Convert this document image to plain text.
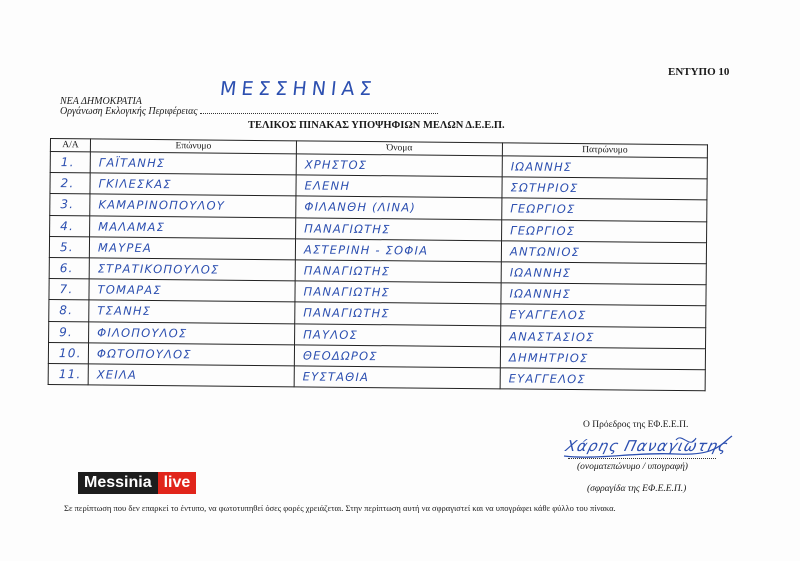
ΕΝΤΥΠΟ 10
ΝΕΑ ΔΗΜΟΚΡΑΤΙΑ
Οργάνωση Εκλογικής Περιφέρειας
ΜΕΣΣΗΝΙΑΣ
ΤΕΛΙΚΟΣ ΠΙΝΑΚΑΣ ΥΠΟΨΗΦΙΩΝ ΜΕΛΩΝ Δ.Ε.Ε.Π.
Α/Α	Επώνυμο	Όνομα	Πατρώνυμο
1.	ΓΑΪΤΑΝΗΣ	ΧΡΗΣΤΟΣ	ΙΩΑΝΝΗΣ
2.	ΓΚΙΛΕΣΚΑΣ	ΕΛΕΝΗ	ΣΩΤΗΡΙΟΣ
3.	ΚΑΜΑΡΙΝΟΠΟΥΛΟΥ	ΦΙΛΑΝΘΗ (ΛΙΝΑ)	ΓΕΩΡΓΙΟΣ
4.	ΜΑΛΑΜΑΣ	ΠΑΝΑΓΙΩΤΗΣ	ΓΕΩΡΓΙΟΣ
5.	ΜΑΥΡΕΑ	ΑΣΤΕΡΙΝΗ - ΣΟΦΙΑ	ΑΝΤΩΝΙΟΣ
6.	ΣΤΡΑΤΙΚΟΠΟΥΛΟΣ	ΠΑΝΑΓΙΩΤΗΣ	ΙΩΑΝΝΗΣ
7.	ΤΟΜΑΡΑΣ	ΠΑΝΑΓΙΩΤΗΣ	ΙΩΑΝΝΗΣ
8.	ΤΣΑΝΗΣ	ΠΑΝΑΓΙΩΤΗΣ	ΕΥΑΓΓΕΛΟΣ
9.	ΦΙΛΟΠΟΥΛΟΣ	ΠΑΥΛΟΣ	ΑΝΑΣΤΑΣΙΟΣ
10.	ΦΩΤΟΠΟΥΛΟΣ	ΘΕΟΔΩΡΟΣ	ΔΗΜΗΤΡΙΟΣ
11.	ΧΕΙΛΑ	ΕΥΣΤΑΘΙΑ	ΕΥΑΓΓΕΛΟΣ
Ο Πρόεδρος της ΕΦ.Ε.Ε.Π.
Χάρης Παναγιώτης
(ονοματεπώνυμο / υπογραφή)
(σφραγίδα της ΕΦ.Ε.Ε.Π.)
Messinia live
Σε περίπτωση που δεν επαρκεί το έντυπο, να φωτοτυπηθεί όσες φορές χρειάζεται. Στην περίπτωση αυτή να σφραγιστεί και να υπογράφει κάθε φύλλο του πίνακα.
